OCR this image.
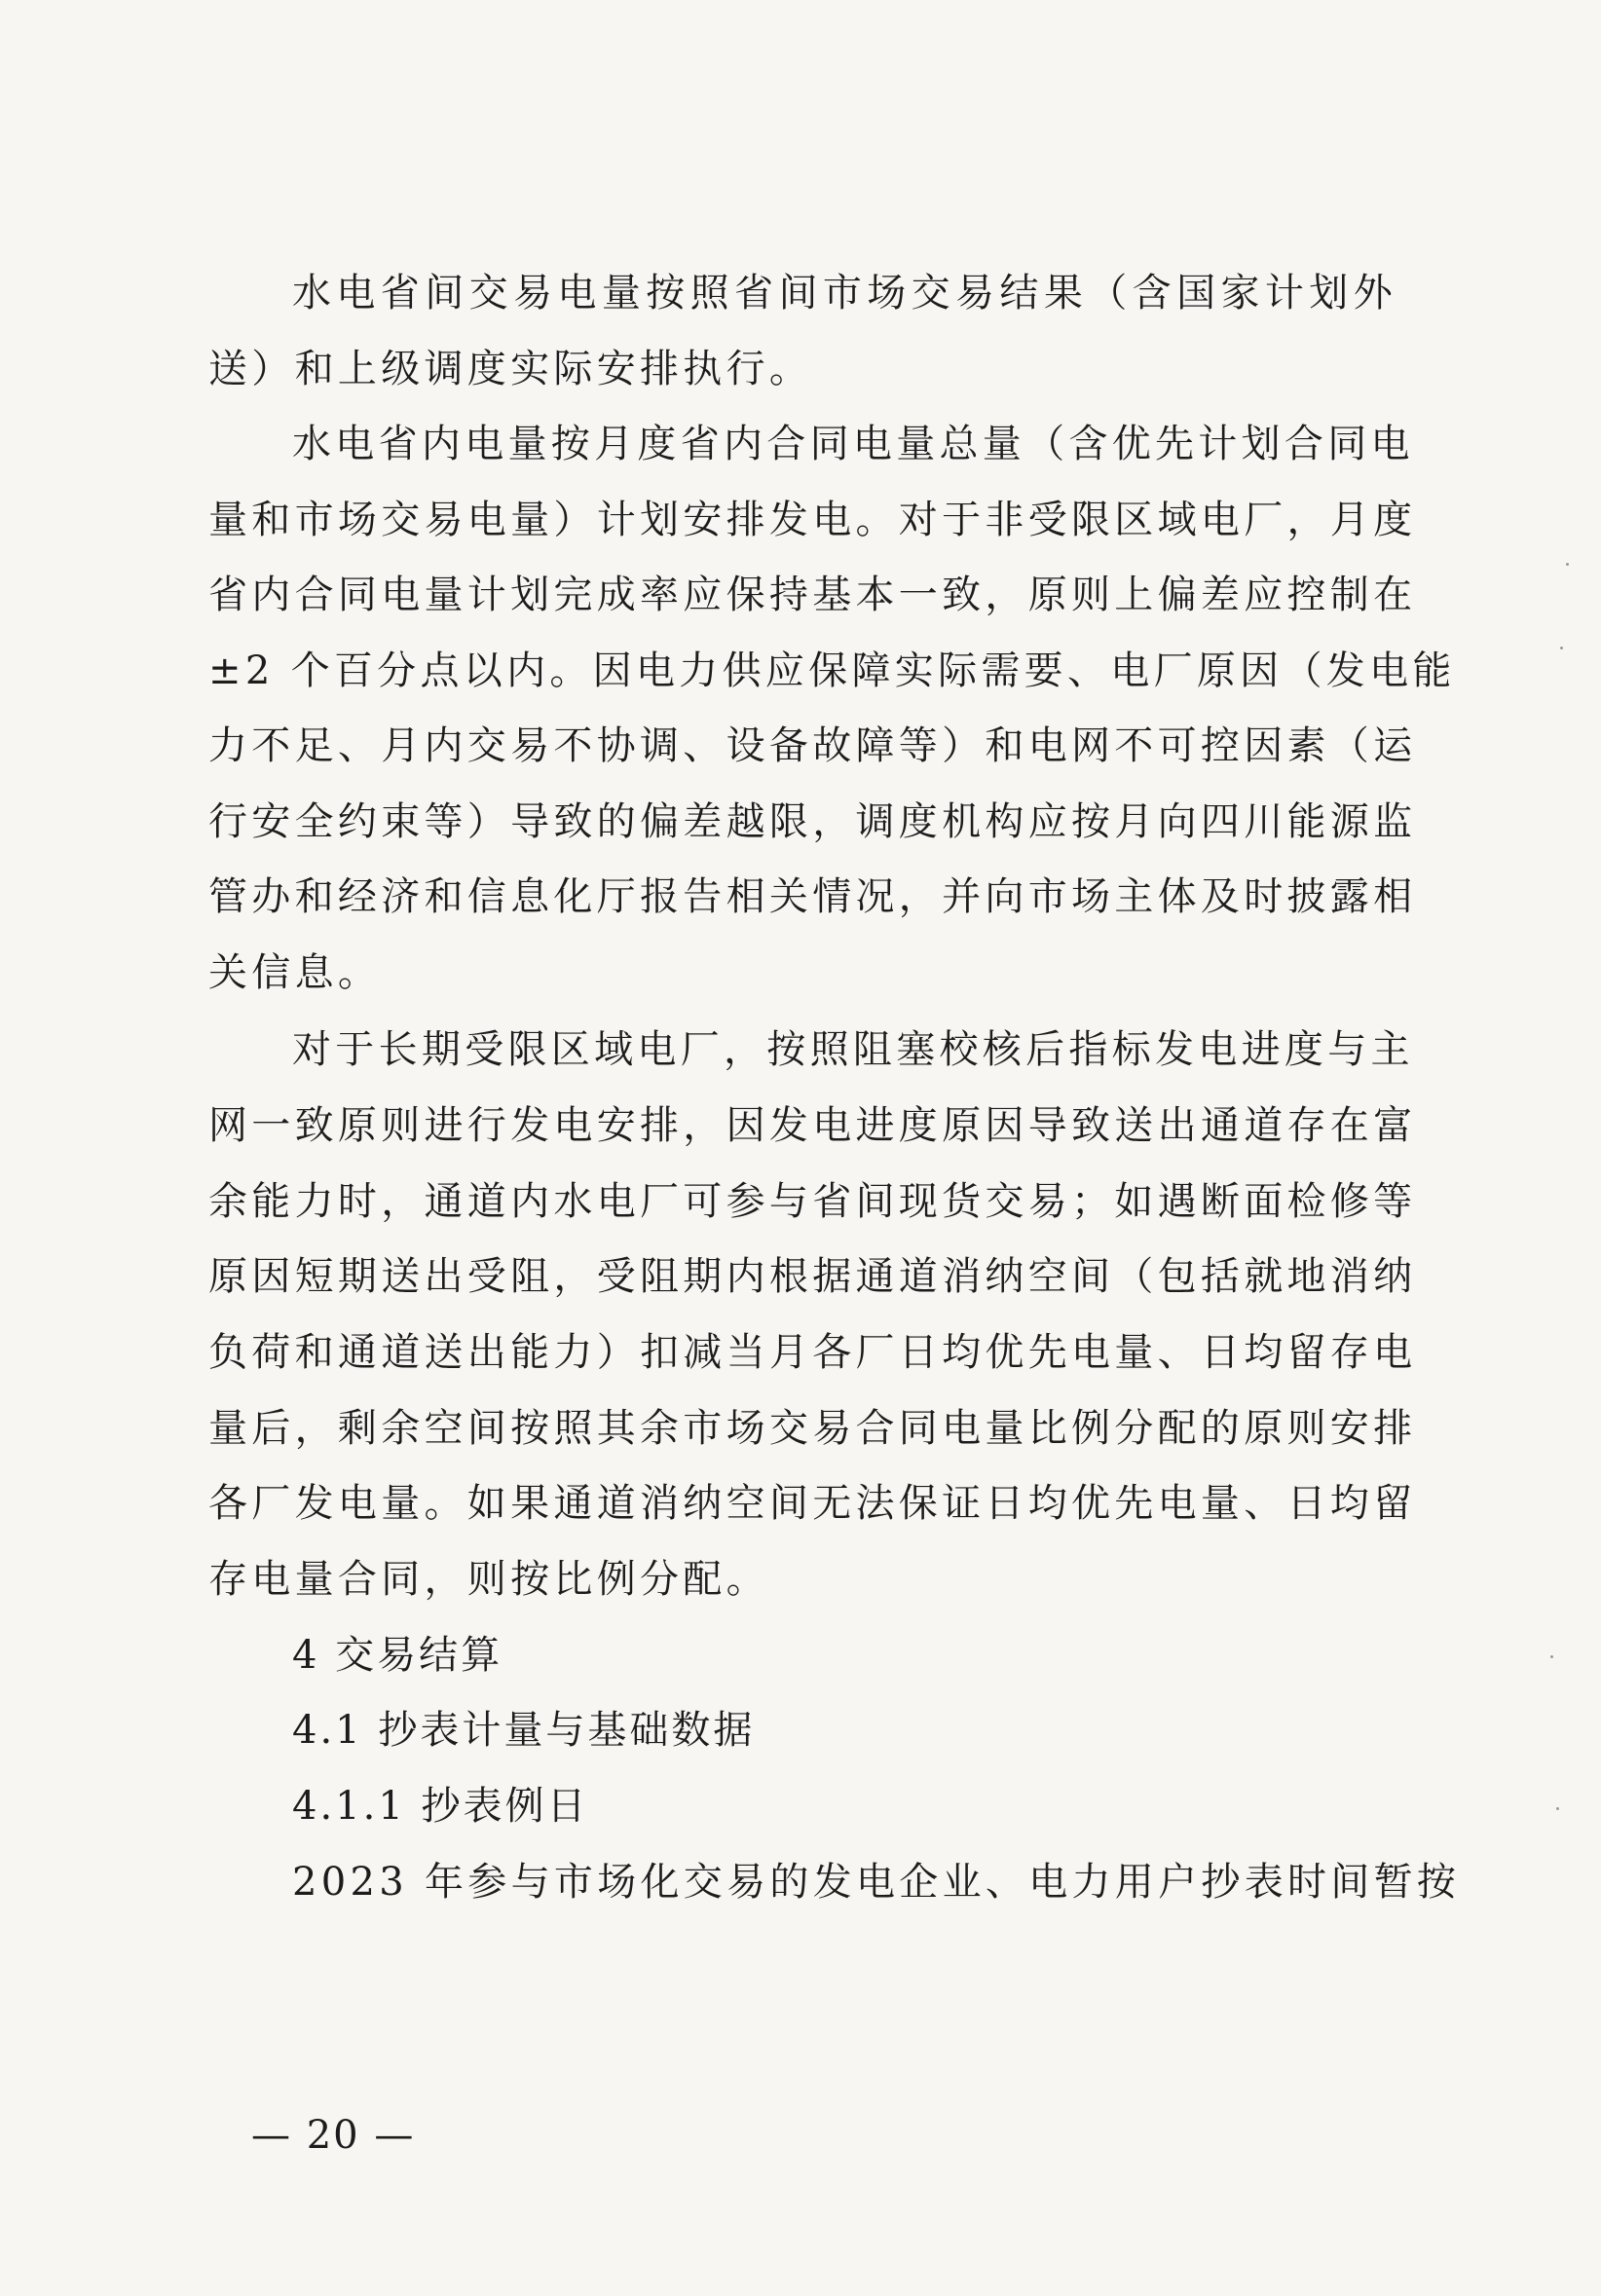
水电省间交易电量按照省间市场交易结果（含国家计划外
送）和上级调度实际安排执行。
水电省内电量按月度省内合同电量总量（含优先计划合同电
量和市场交易电量）计划安排发电。对于非受限区域电厂，月度
省内合同电量计划完成率应保持基本一致，原则上偏差应控制在
±2 个百分点以内。因电力供应保障实际需要、电厂原因（发电能
力不足、月内交易不协调、设备故障等）和电网不可控因素（运
行安全约束等）导致的偏差越限，调度机构应按月向四川能源监
管办和经济和信息化厅报告相关情况，并向市场主体及时披露相
关信息。
对于长期受限区域电厂，按照阻塞校核后指标发电进度与主
网一致原则进行发电安排，因发电进度原因导致送出通道存在富
余能力时，通道内水电厂可参与省间现货交易；如遇断面检修等
原因短期送出受阻，受阻期内根据通道消纳空间（包括就地消纳
负荷和通道送出能力）扣减当月各厂日均优先电量、日均留存电
量后，剩余空间按照其余市场交易合同电量比例分配的原则安排
各厂发电量。如果通道消纳空间无法保证日均优先电量、日均留
存电量合同，则按比例分配。
4 交易结算
4.1 抄表计量与基础数据
4.1.1 抄表例日
2023 年参与市场化交易的发电企业、电力用户抄表时间暂按
— 20 —
